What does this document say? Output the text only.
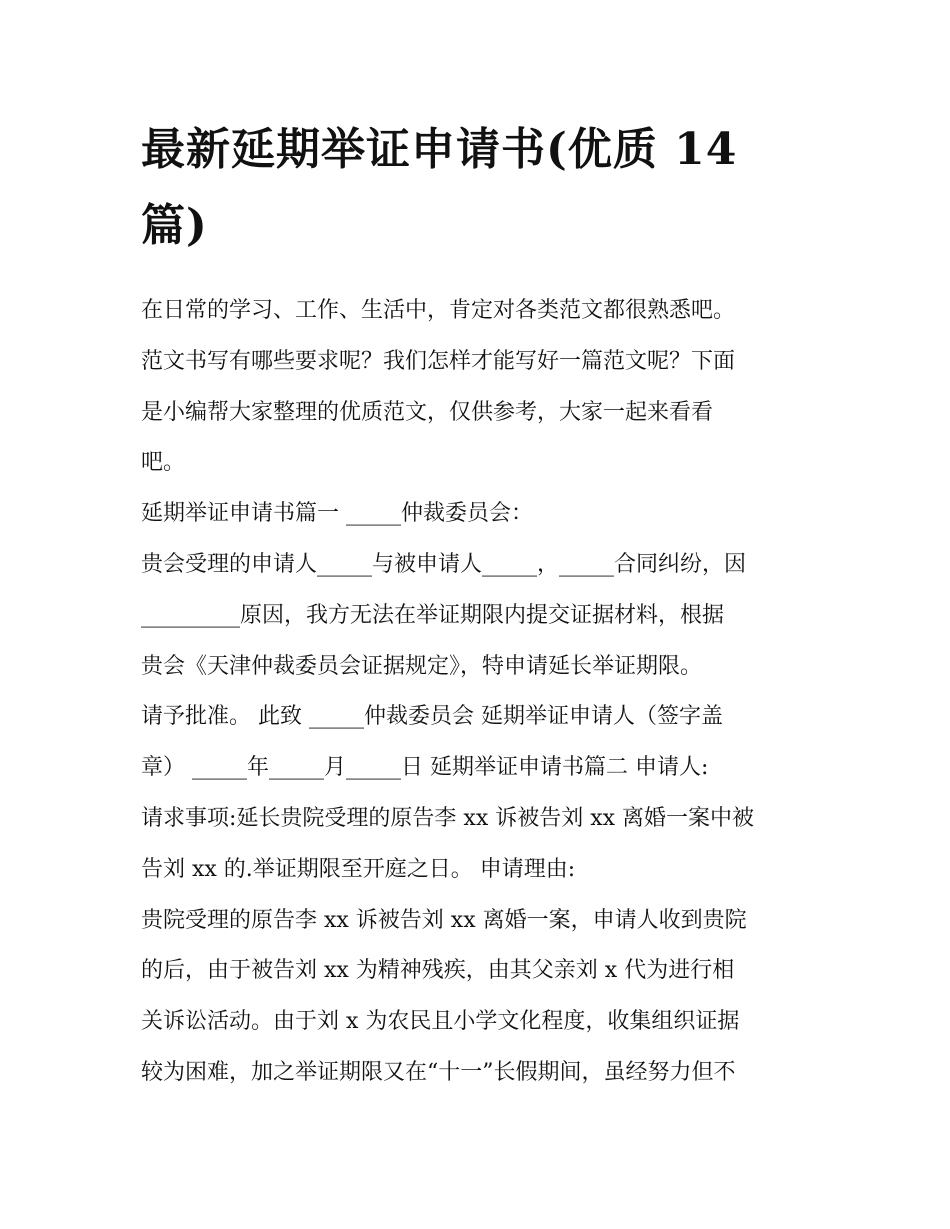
最新延期举证申请书(优质 14
篇)
在日常的学习、工作、生活中，肯定对各类范文都很熟悉吧。
范文书写有哪些要求呢？我们怎样才能写好一篇范文呢？下面
是小编帮大家整理的优质范文，仅供参考，大家一起来看看
吧。
延期举证申请书篇一 _____仲裁委员会：
贵会受理的申请人_____与被申请人_____，_____合同纠纷，因
_________原因，我方无法在举证期限内提交证据材料，根据
贵会《天津仲裁委员会证据规定》，特申请延长举证期限。
请予批准。 此致 _____仲裁委员会 延期举证申请人（签字盖
章） _____年_____月_____日 延期举证申请书篇二 申请人:
请求事项:延长贵院受理的原告李 xx 诉被告刘 xx 离婚一案中被
告刘 xx 的.举证期限至开庭之日。 申请理由:
贵院受理的原告李 xx 诉被告刘 xx 离婚一案，申请人收到贵院
的后，由于被告刘 xx 为精神残疾，由其父亲刘 x 代为进行相
关诉讼活动。由于刘 x 为农民且小学文化程度，收集组织证据
较为困难，加之举证期限又在“十一”长假期间，虽经努力但不
